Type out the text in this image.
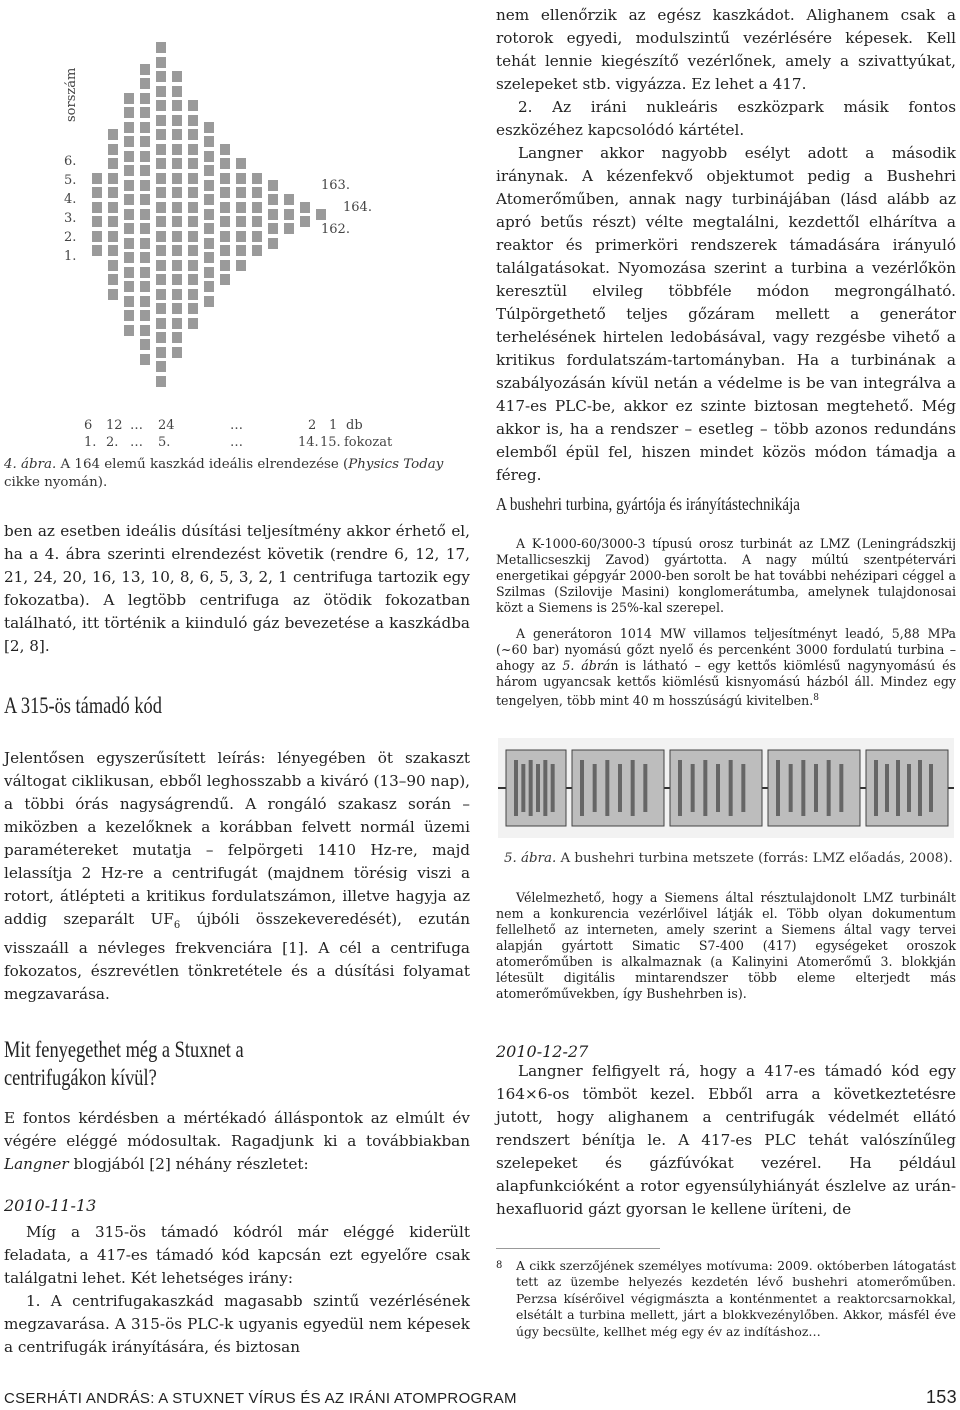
sorszám
6.
5.
4.
3.
2.
1.
163.
164.
162.
6 12 … 24	…	2 1 db
1. 2. … 5.	…	14. 15. fokozat
4. ábra. A 164 elemű kaszkád ideális elrendezése (Physics Today cikke nyomán).

ben az esetben ideális dúsítási teljesítmény akkor érhető el, ha a 4. ábra szerinti elrendezést követik (rendre 6, 12, 17, 21, 24, 20, 16, 13, 10, 8, 6, 5, 3, 2, 1 centrifuga tartozik egy fokozatba). A legtöbb centrifuga az ötödik fokozatban található, itt történik a kiinduló gáz bevezetése a kaszkádba [2, 8].

A 315-ös támadó kód

Jelentősen egyszerűsített leírás: lényegében öt szakaszt váltogat ciklikusan, ebből leghosszabb a kiváró (13–90 nap), a többi órás nagyságrendű. A rongáló szakasz során – miközben a kezelőknek a korábban felvett normál üzemi paramétereket mutatja – felpörgeti 1410 Hz-re, majd lelassítja 2 Hz-re a centrifugát (majdnem törésig viszi a rotort, átlépteti a kritikus fordulatszámon, illetve hagyja az addig szeparált $UF_6$ újbóli összekeveredését), ezután visszaáll a névleges frekvenciára [1]. A cél a centrifuga fokozatos, észrevétlen tönkretétele és a dúsítási folyamat megzavarása.

Mit fenyegethet még a Stuxnet a centrifugákon kívül?

E fontos kérdésben a mértékadó álláspontok az elmúlt év végére eléggé módosultak. Ragadjunk ki a továbbiakban Langner blogjából [2] néhány részletet:

2010-11-13

Míg a 315-ös támadó kódról már eléggé kiderült feladata, a 417-es támadó kód kapcsán ezt egyelőre csak találgatni lehet. Két lehetséges irány:

1. A centrifugakaszkád magasabb szintű vezérlésének megzavarása. A 315-ös PLC-k ugyanis egyedül nem képesek a centrifugák irányítására, és biztosan

nem ellenőrzik az egész kaszkádot. Alighanem csak a rotorok egyedi, modulszintű vezérlésére képesek. Kell tehát lennie kiegészítő vezérlőnek, amely a szivattyúkat, szelepeket stb. vigyázza. Ez lehet a 417.

2. Az iráni nukleáris eszközpark másik fontos eszközéhez kapcsolódó kártétel.

Langner akkor nagyobb esélyt adott a második iránynak. A kézenfekvő objektumot pedig a Bushehri Atomerőműben, annak nagy turbinájában (lásd alább az apró betűs részt) vélte megtalálni, kezdettől elhárítva a reaktor és primerköri rendszerek támadására irányuló találgatásokat. Nyomozása szerint a turbina a vezérlőkön keresztül elvileg többféle módon megrongálható. Túlpörgethető teljes gőzáram mellett a generátor terhelésének hirtelen ledobásával, vagy rezgésbe vihető a kritikus fordulatszám-tartományban. Ha a turbinának a szabályozásán kívül netán a védelme is be van integrálva a 417-es PLC-be, akkor ez szinte biztosan megtehető. Még akkor is, ha a rendszer – esetleg – több azonos redundáns elemből épül fel, hiszen mindet közös módon támadja a féreg.

A bushehri turbina, gyártója és irányítástechnikája

A K-1000-60/3000-3 típusú orosz turbinát az LMZ (Leningrádszkij Metallicseszkij Zavod) gyártotta. A nagy múltú szentpétervári energetikai gépgyár 2000-ben sorolt be hat további nehézipari céggel a Szilmas (Szilovije Masini) konglomerátumba, amelynek tulajdonosai közt a Siemens is 25%-kal szerepel.

A generátoron 1014 MW villamos teljesítményt leadó, 5,88 MPa (~60 bar) nyomású gőzt nyelő és percenként 3000 fordulatú turbina – ahogy az 5. ábrán is látható – egy kettős kiömlésű nagynyomású és három ugyancsak kettős kiömlésű kisnyomású házból áll. Mindez egy tengelyen, több mint 40 m hosszúságú kivitelben.$^8$

5. ábra. A bushehri turbina metszete (forrás: LMZ előadás, 2008).

Vélelmezhető, hogy a Siemens által résztulajdonolt LMZ turbinált nem a konkurencia vezérlőivel látják el. Több olyan dokumentum fellelhető az interneten, amely szerint a Siemens által vagy tervei alapján gyártott Simatic S7-400 (417) egységeket oroszok atomerőműben is alkalmaznak (a Kalinyini Atomerőmű 3. blokkján létesült digitális mintarendszer több eleme elterjedt más atomerőművekben, így Bushehrben is).

2010-12-27

Langner felfigyelt rá, hogy a 417-es támadó kód egy 164×6-os tömböt kezel. Ebből arra a következtetésre jutott, hogy alighanem a centrifugák védelmét ellátó rendszert bénítja le. A 417-es PLC tehát valószínűleg szelepeket és gázfúvókat vezérel. Ha például alapfunkcióként a rotor egyensúlyhiányát észlelve az urán-hexafluorid gázt gyorsan le kellene üríteni, de

8 A cikk szerzőjének személyes motívuma: 2009. októberben látogatást tett az üzembe helyezés kezdetén lévő bushehri atomerőműben. Perzsa kísérőivel végigmászta a konténmentet a reaktorcsarnokkal, elsétált a turbina mellett, járt a blokkvezénylőben. Akkor, másfél éve úgy becsülte, kellhet még egy év az indításhoz…

CSERHÁTI ANDRÁS: A STUXNET VÍRUS ÉS AZ IRÁNI ATOMPROGRAM	153
